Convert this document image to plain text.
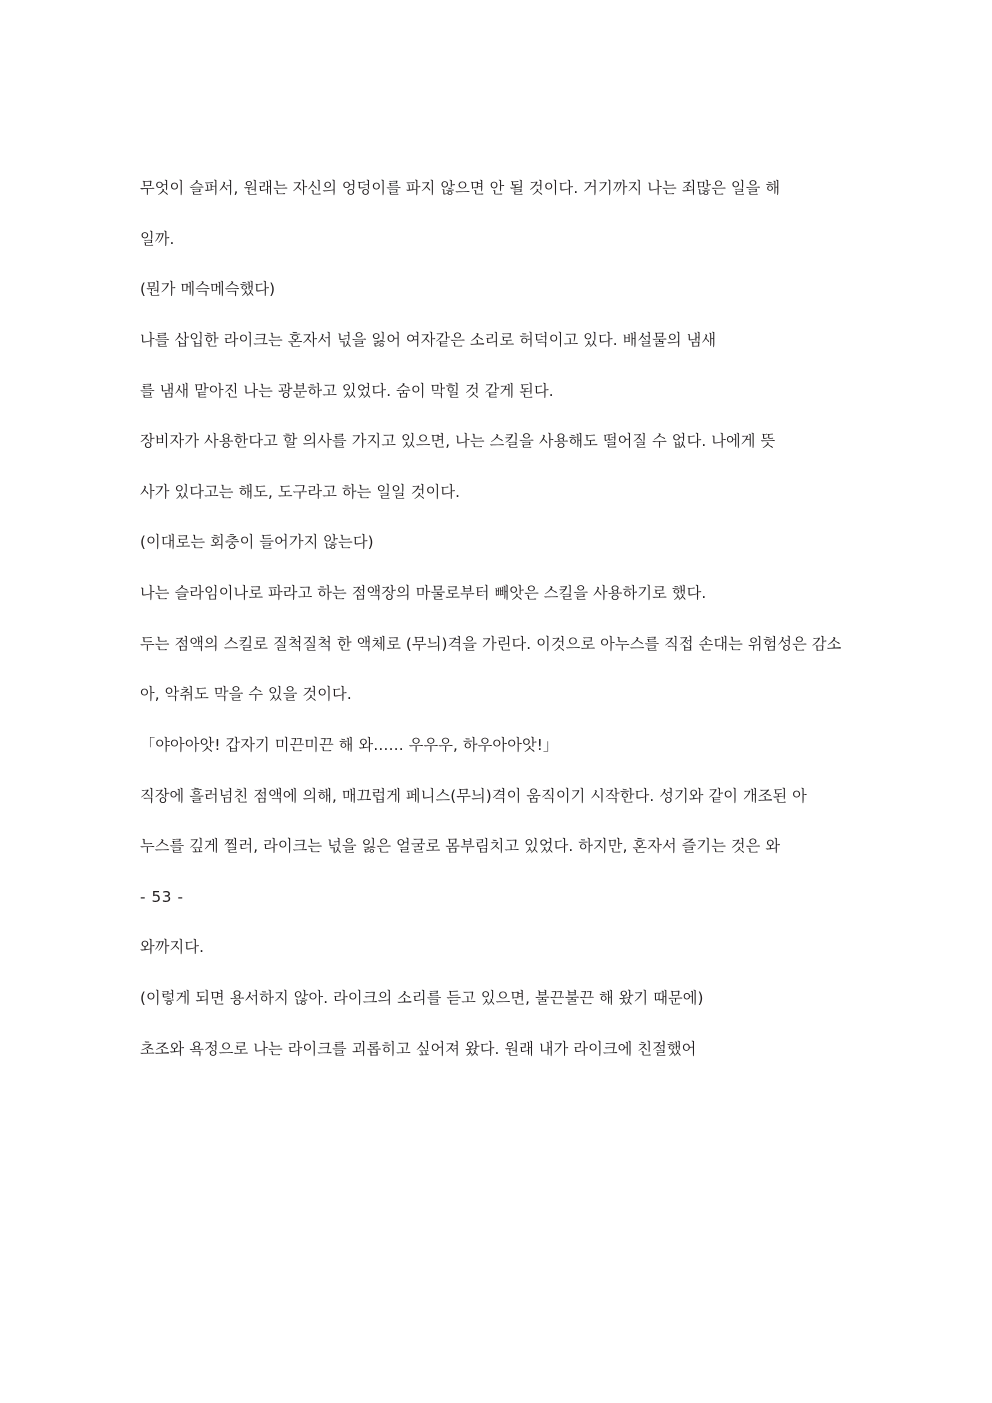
무엇이 슬퍼서, 원래는 자신의 엉덩이를 파지 않으면 안 될 것이다. 거기까지 나는 죄많은 일을 해

일까.

(뭔가 메슥메슥했다)

나를 삽입한 라이크는 혼자서 넋을 잃어 여자같은 소리로 허덕이고 있다. 배설물의 냄새

를 냄새 맡아진 나는 광분하고 있었다. 숨이 막힐 것 같게 된다.

장비자가 사용한다고 할 의사를 가지고 있으면, 나는 스킬을 사용해도 떨어질 수 없다. 나에게 뜻

사가 있다고는 해도, 도구라고 하는 일일 것이다.

(이대로는 회충이 들어가지 않는다)

나는 슬라임이나로 파라고 하는 점액장의 마물로부터 빼앗은 스킬을 사용하기로 했다.

두는 점액의 스킬로 질척질척 한 액체로 (무늬)격을 가린다. 이것으로 아누스를 직접 손대는 위험성은 감소

아, 악취도 막을 수 있을 것이다.

「야아아앗! 갑자기 미끈미끈 해 와…… 우우우, 하우아아앗!」

직장에 흘러넘친 점액에 의해, 매끄럽게 페니스(무늬)격이 움직이기 시작한다. 성기와 같이 개조된 아

누스를 깊게 찔러, 라이크는 넋을 잃은 얼굴로 몸부림치고 있었다. 하지만, 혼자서 즐기는 것은 와

- 53 -

와까지다.

(이렇게 되면 용서하지 않아. 라이크의 소리를 듣고 있으면, 불끈불끈 해 왔기 때문에)

초조와 욕정으로 나는 라이크를 괴롭히고 싶어져 왔다. 원래 내가 라이크에 친절했어
